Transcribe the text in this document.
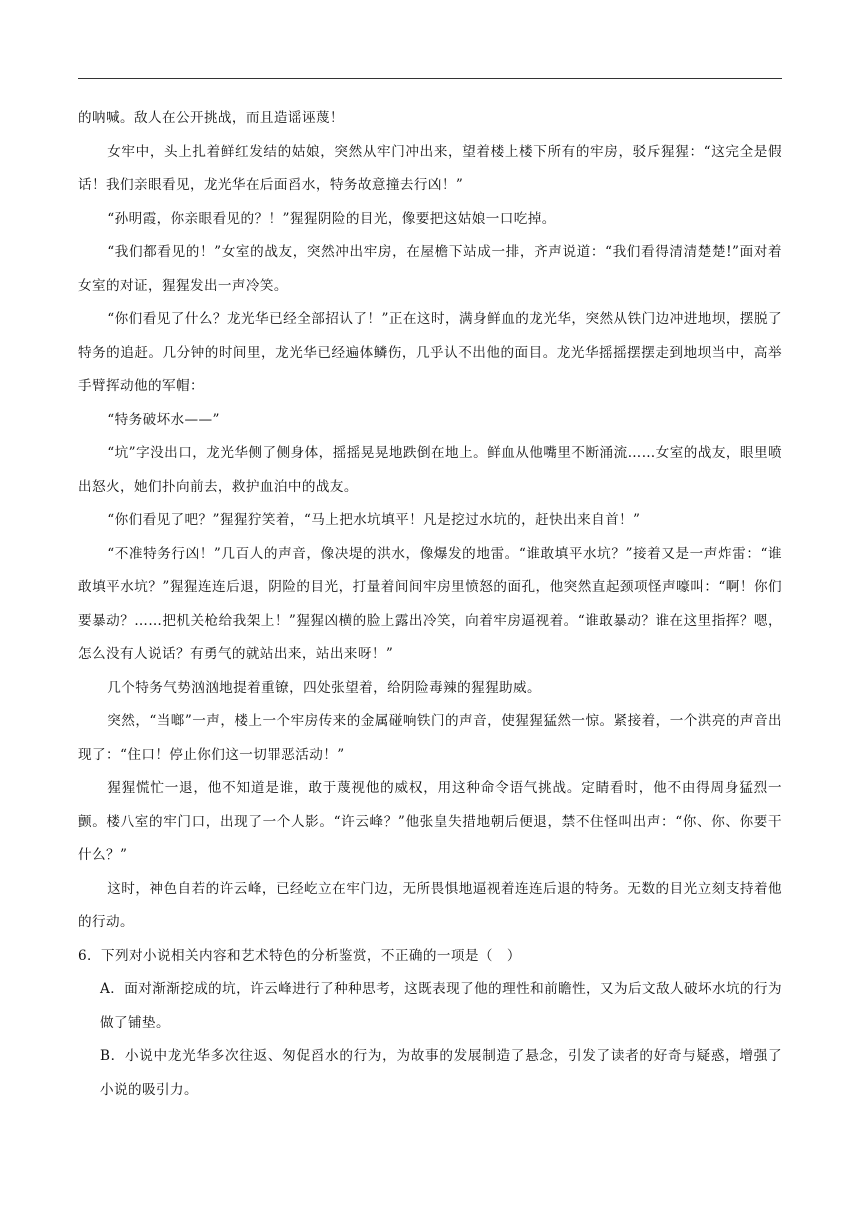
的呐喊。敌人在公开挑战，而且造谣诬蔑！

女牢中，头上扎着鲜红发结的姑娘，突然从牢门冲出来，望着楼上楼下所有的牢房，驳斥猩猩：“这完全是假话！我们亲眼看见，龙光华在后面舀水，特务故意撞去行凶！”

“孙明霞，你亲眼看见的？！”猩猩阴险的目光，像要把这姑娘一口吃掉。

“我们都看见的！”女室的战友，突然冲出牢房，在屋檐下站成一排，齐声说道：“我们看得清清楚楚!”面对着女室的对证，猩猩发出一声冷笑。

“你们看见了什么？龙光华已经全部招认了！”正在这时，满身鲜血的龙光华，突然从铁门边冲进地坝，摆脱了特务的追赶。几分钟的时间里，龙光华已经遍体鳞伤，几乎认不出他的面目。龙光华摇摇摆摆走到地坝当中，高举手臂挥动他的军帽：

“特务破坏水——”

“坑”字没出口，龙光华侧了侧身体，摇摇晃晃地跌倒在地上。鲜血从他嘴里不断涌流……女室的战友，眼里喷出怒火，她们扑向前去，救护血泊中的战友。

“你们看见了吧？”猩猩狞笑着，“马上把水坑填平！凡是挖过水坑的，赶快出来自首！”

“不准特务行凶！”几百人的声音，像决堤的洪水，像爆发的地雷。“谁敢填平水坑？”接着又是一声炸雷：“谁敢填平水坑？”猩猩连连后退，阴险的目光，打量着间间牢房里愤怒的面孔，他突然直起颈项怪声嚎叫：“啊！你们要暴动？……把机关枪给我架上！”猩猩凶横的脸上露出冷笑，向着牢房逼视着。“谁敢暴动？谁在这里指挥？嗯，怎么没有人说话？有勇气的就站出来，站出来呀！”

几个特务气势汹汹地提着重镣，四处张望着，给阴险毒辣的猩猩助威。

突然，“当啷”一声，楼上一个牢房传来的金属碰响铁门的声音，使猩猩猛然一惊。紧接着，一个洪亮的声音出现了：“住口！停止你们这一切罪恶活动！”

猩猩慌忙一退，他不知道是谁，敢于蔑视他的威权，用这种命令语气挑战。定睛看时，他不由得周身猛烈一颤。楼八室的牢门口，出现了一个人影。“许云峰？”他张皇失措地朝后便退，禁不住怪叫出声：“你、你、你要干什么？”

这时，神色自若的许云峰，已经屹立在牢门边，无所畏惧地逼视着连连后退的特务。无数的目光立刻支持着他的行动。

6．下列对小说相关内容和艺术特色的分析鉴赏，不正确的一项是（　）

A．面对渐渐挖成的坑，许云峰进行了种种思考，这既表现了他的理性和前瞻性，又为后文敌人破坏水坑的行为做了铺垫。

B．小说中龙光华多次往返、匆促舀水的行为，为故事的发展制造了悬念，引发了读者的好奇与疑惑，增强了小说的吸引力。
